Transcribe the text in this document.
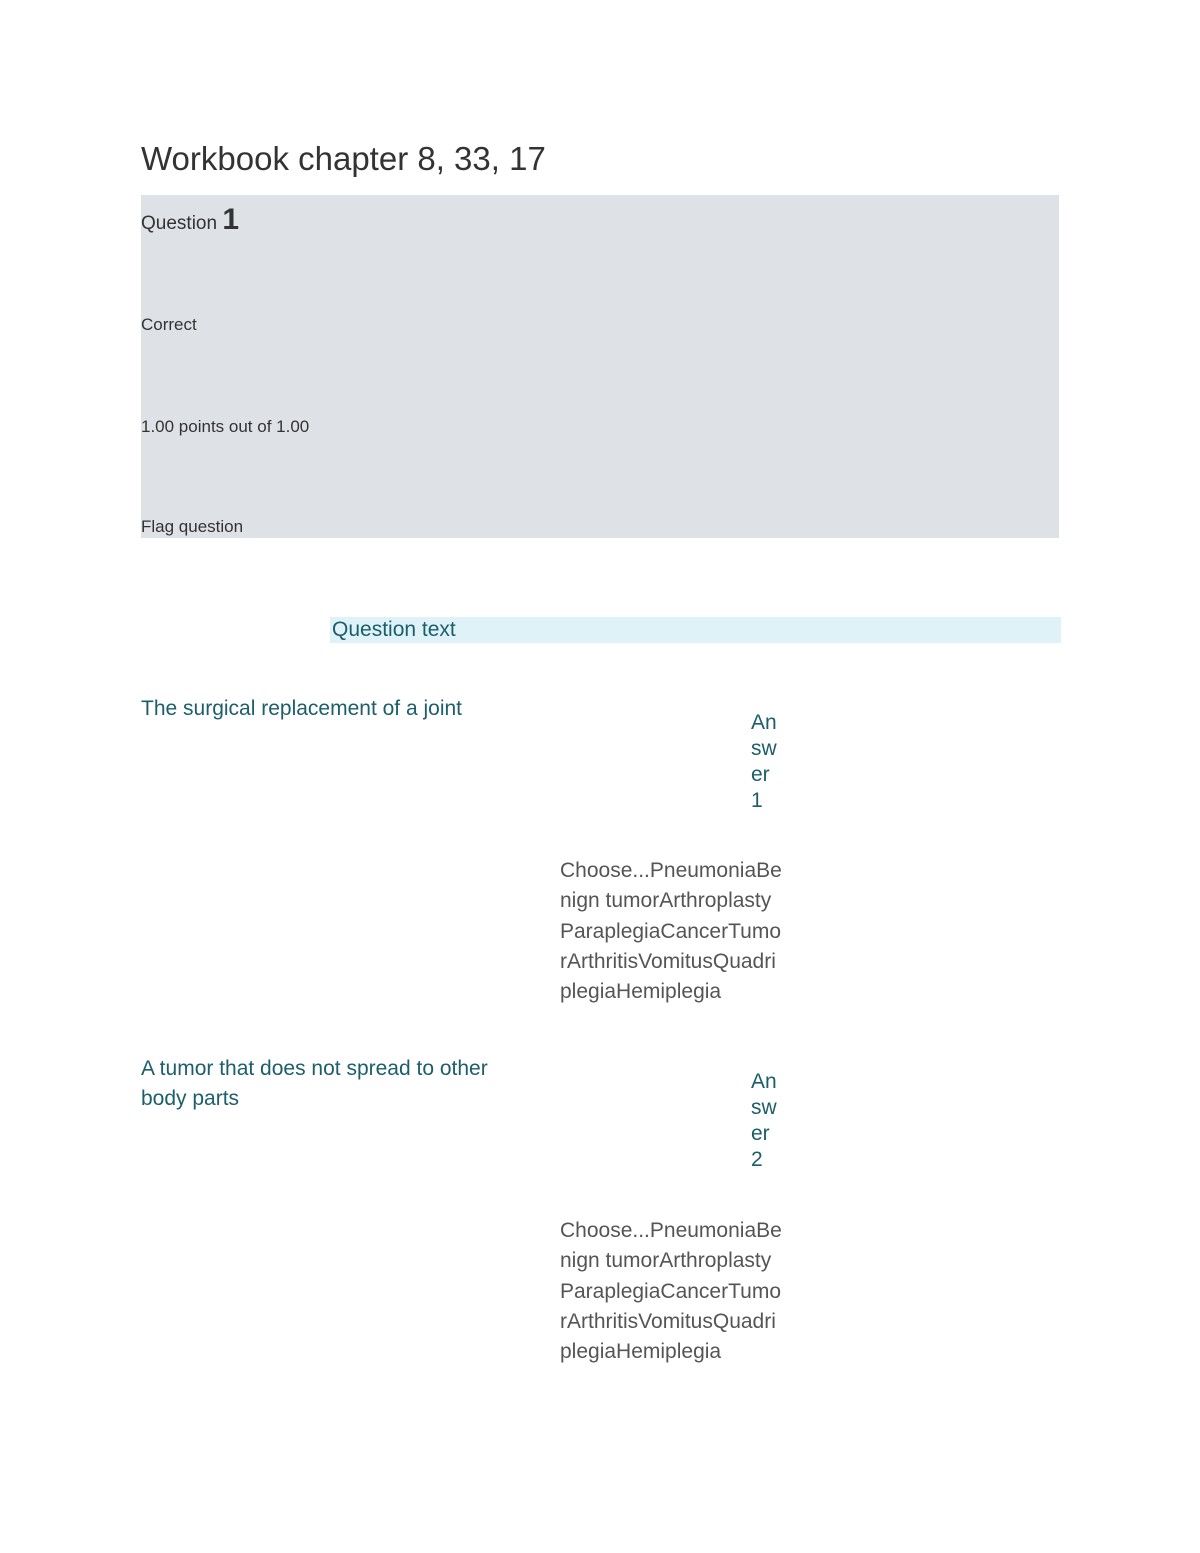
Workbook chapter 8, 33, 17
Question 1
Correct
1.00 points out of 1.00
Flag question
Question text
The surgical replacement of a joint
Answer 1
Choose...PneumoniaBenign tumorArthroplastyParaplegiaCancerTumorArthritisVomitusQuadriplegiaHemiplegia
A tumor that does not spread to other body parts
Answer 2
Choose...PneumoniaBenign tumorArthroplastyParaplegiaCancerTumorArthritisVomitusQuadriplegiaHemiplegia
